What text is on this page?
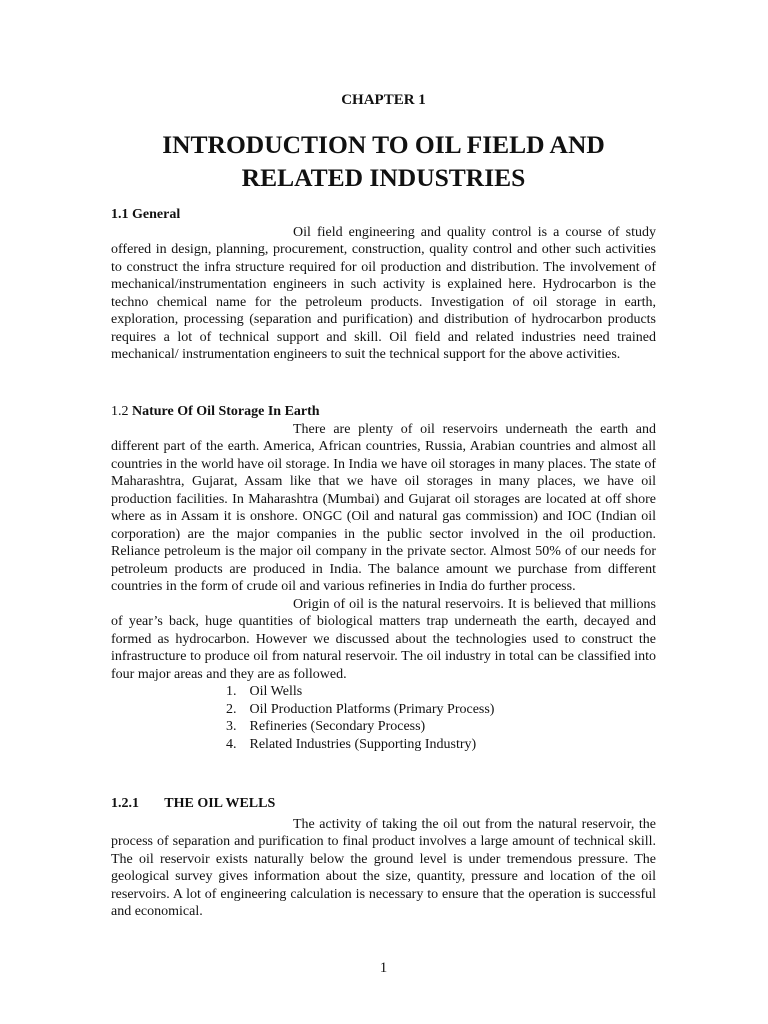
CHAPTER 1
INTRODUCTION TO OIL FIELD AND
RELATED INDUSTRIES
1.1 General

Oil field engineering and quality control is a course of study offered in design, planning, procurement, construction, quality control and other such activities to construct the infra structure required for oil production and distribution. The involvement of mechanical/instrumentation engineers in such activity is explained here. Hydrocarbon is the techno chemical name for the petroleum products. Investigation of oil storage in earth, exploration, processing (separation and purification) and distribution of hydrocarbon products requires a lot of technical support and skill. Oil field and related industries need trained mechanical/ instrumentation engineers to suit the technical support for the above activities.

1.2 Nature Of Oil Storage In Earth

There are plenty of oil reservoirs underneath the earth and different part of the earth. America, African countries, Russia, Arabian countries and almost all countries in the world have oil storage. In India we have oil storages in many places. The state of Maharashtra, Gujarat, Assam like that we have oil storages in many places, we have oil production facilities. In Maharashtra (Mumbai) and Gujarat oil storages are located at off shore where as in Assam it is onshore. ONGC (Oil and natural gas commission) and IOC (Indian oil corporation) are the major companies in the public sector involved in the oil production. Reliance petroleum is the major oil company in the private sector. Almost 50% of our needs for petroleum products are produced in India. The balance amount we purchase from different countries in the form of crude oil and various refineries in India do further process.

Origin of oil is the natural reservoirs. It is believed that millions of year’s back, huge quantities of biological matters trap underneath the earth, decayed and formed as hydrocarbon. However we discussed about the technologies used to construct the infrastructure to produce oil from natural reservoir. The oil industry in total can be classified into four major areas and they are as followed.

1. Oil Wells
2. Oil Production Platforms (Primary Process)
3. Refineries (Secondary Process)
4. Related Industries (Supporting Industry)
1.2.1 THE OIL WELLS

The activity of taking the oil out from the natural reservoir, the process of separation and purification to final product involves a large amount of technical skill. The oil reservoir exists naturally below the ground level is under tremendous pressure. The geological survey gives information about the size, quantity, pressure and location of the oil reservoirs. A lot of engineering calculation is necessary to ensure that the operation is successful and economical.

1
